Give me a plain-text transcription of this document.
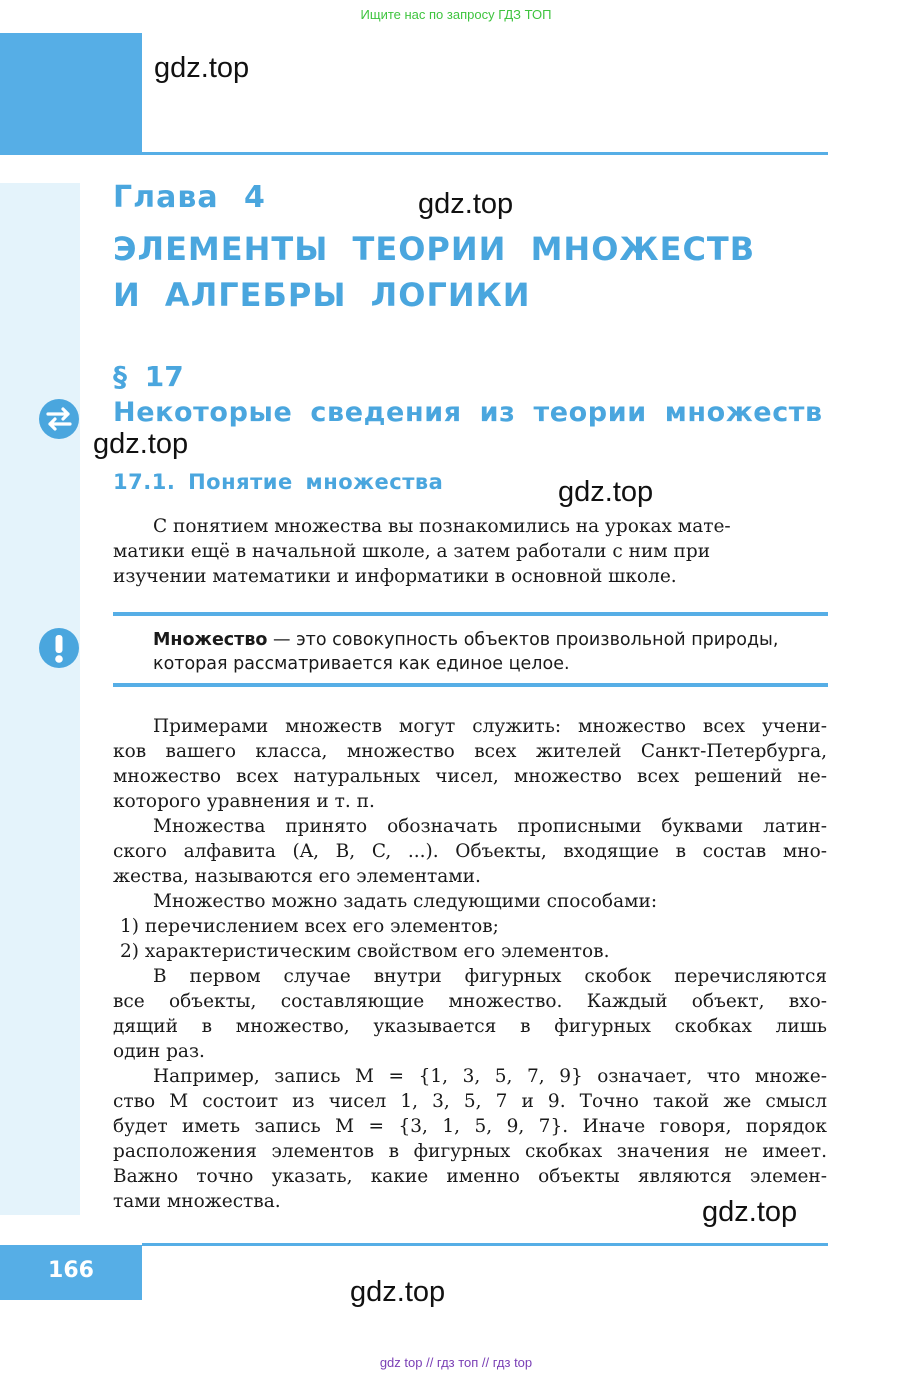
Ищите нас по запросу ГДЗ ТОП
gdz.top
gdz.top
gdz.top
gdz.top
gdz.top
gdz.top
Глава 4
ЭЛЕМЕНТЫ ТЕОРИИ МНОЖЕСТВ
И АЛГЕБРЫ ЛОГИКИ
§ 17
Некоторые сведения из теории множеств
17.1. Понятие множества
С понятием множества вы познакомились на уроках мате-
матики ещё в начальной школе, а затем работали с ним при
изучении математики и информатики в основной школе.
Множество — это совокупность объектов произвольной природы,
которая рассматривается как единое целое.
Примерами множеств могут служить: множество всех учени-
ков вашего класса, множество всех жителей Санкт-Петербурга,
множество всех натуральных чисел, множество всех решений не-
которого уравнения и т. п.
Множества принято обозначать прописными буквами латин-
ского алфавита (A, B, C, ...). Объекты, входящие в состав мно-
жества, называются его элементами.
Множество можно задать следующими способами:
1) перечислением всех его элементов;
2) характеристическим свойством его элементов.
В первом случае внутри фигурных скобок перечисляются
все объекты, составляющие множество. Каждый объект, вхо-
дящий в множество, указывается в фигурных скобках лишь
один раз.
Например, запись M = {1, 3, 5, 7, 9} означает, что множе-
ство M состоит из чисел 1, 3, 5, 7 и 9. Точно такой же смысл
будет иметь запись M = {3, 1, 5, 9, 7}. Иначе говоря, порядок
расположения элементов в фигурных скобках значения не имеет.
Важно точно указать, какие именно объекты являются элемен-
тами множества.
166
gdz top // гдз топ // гдз top
